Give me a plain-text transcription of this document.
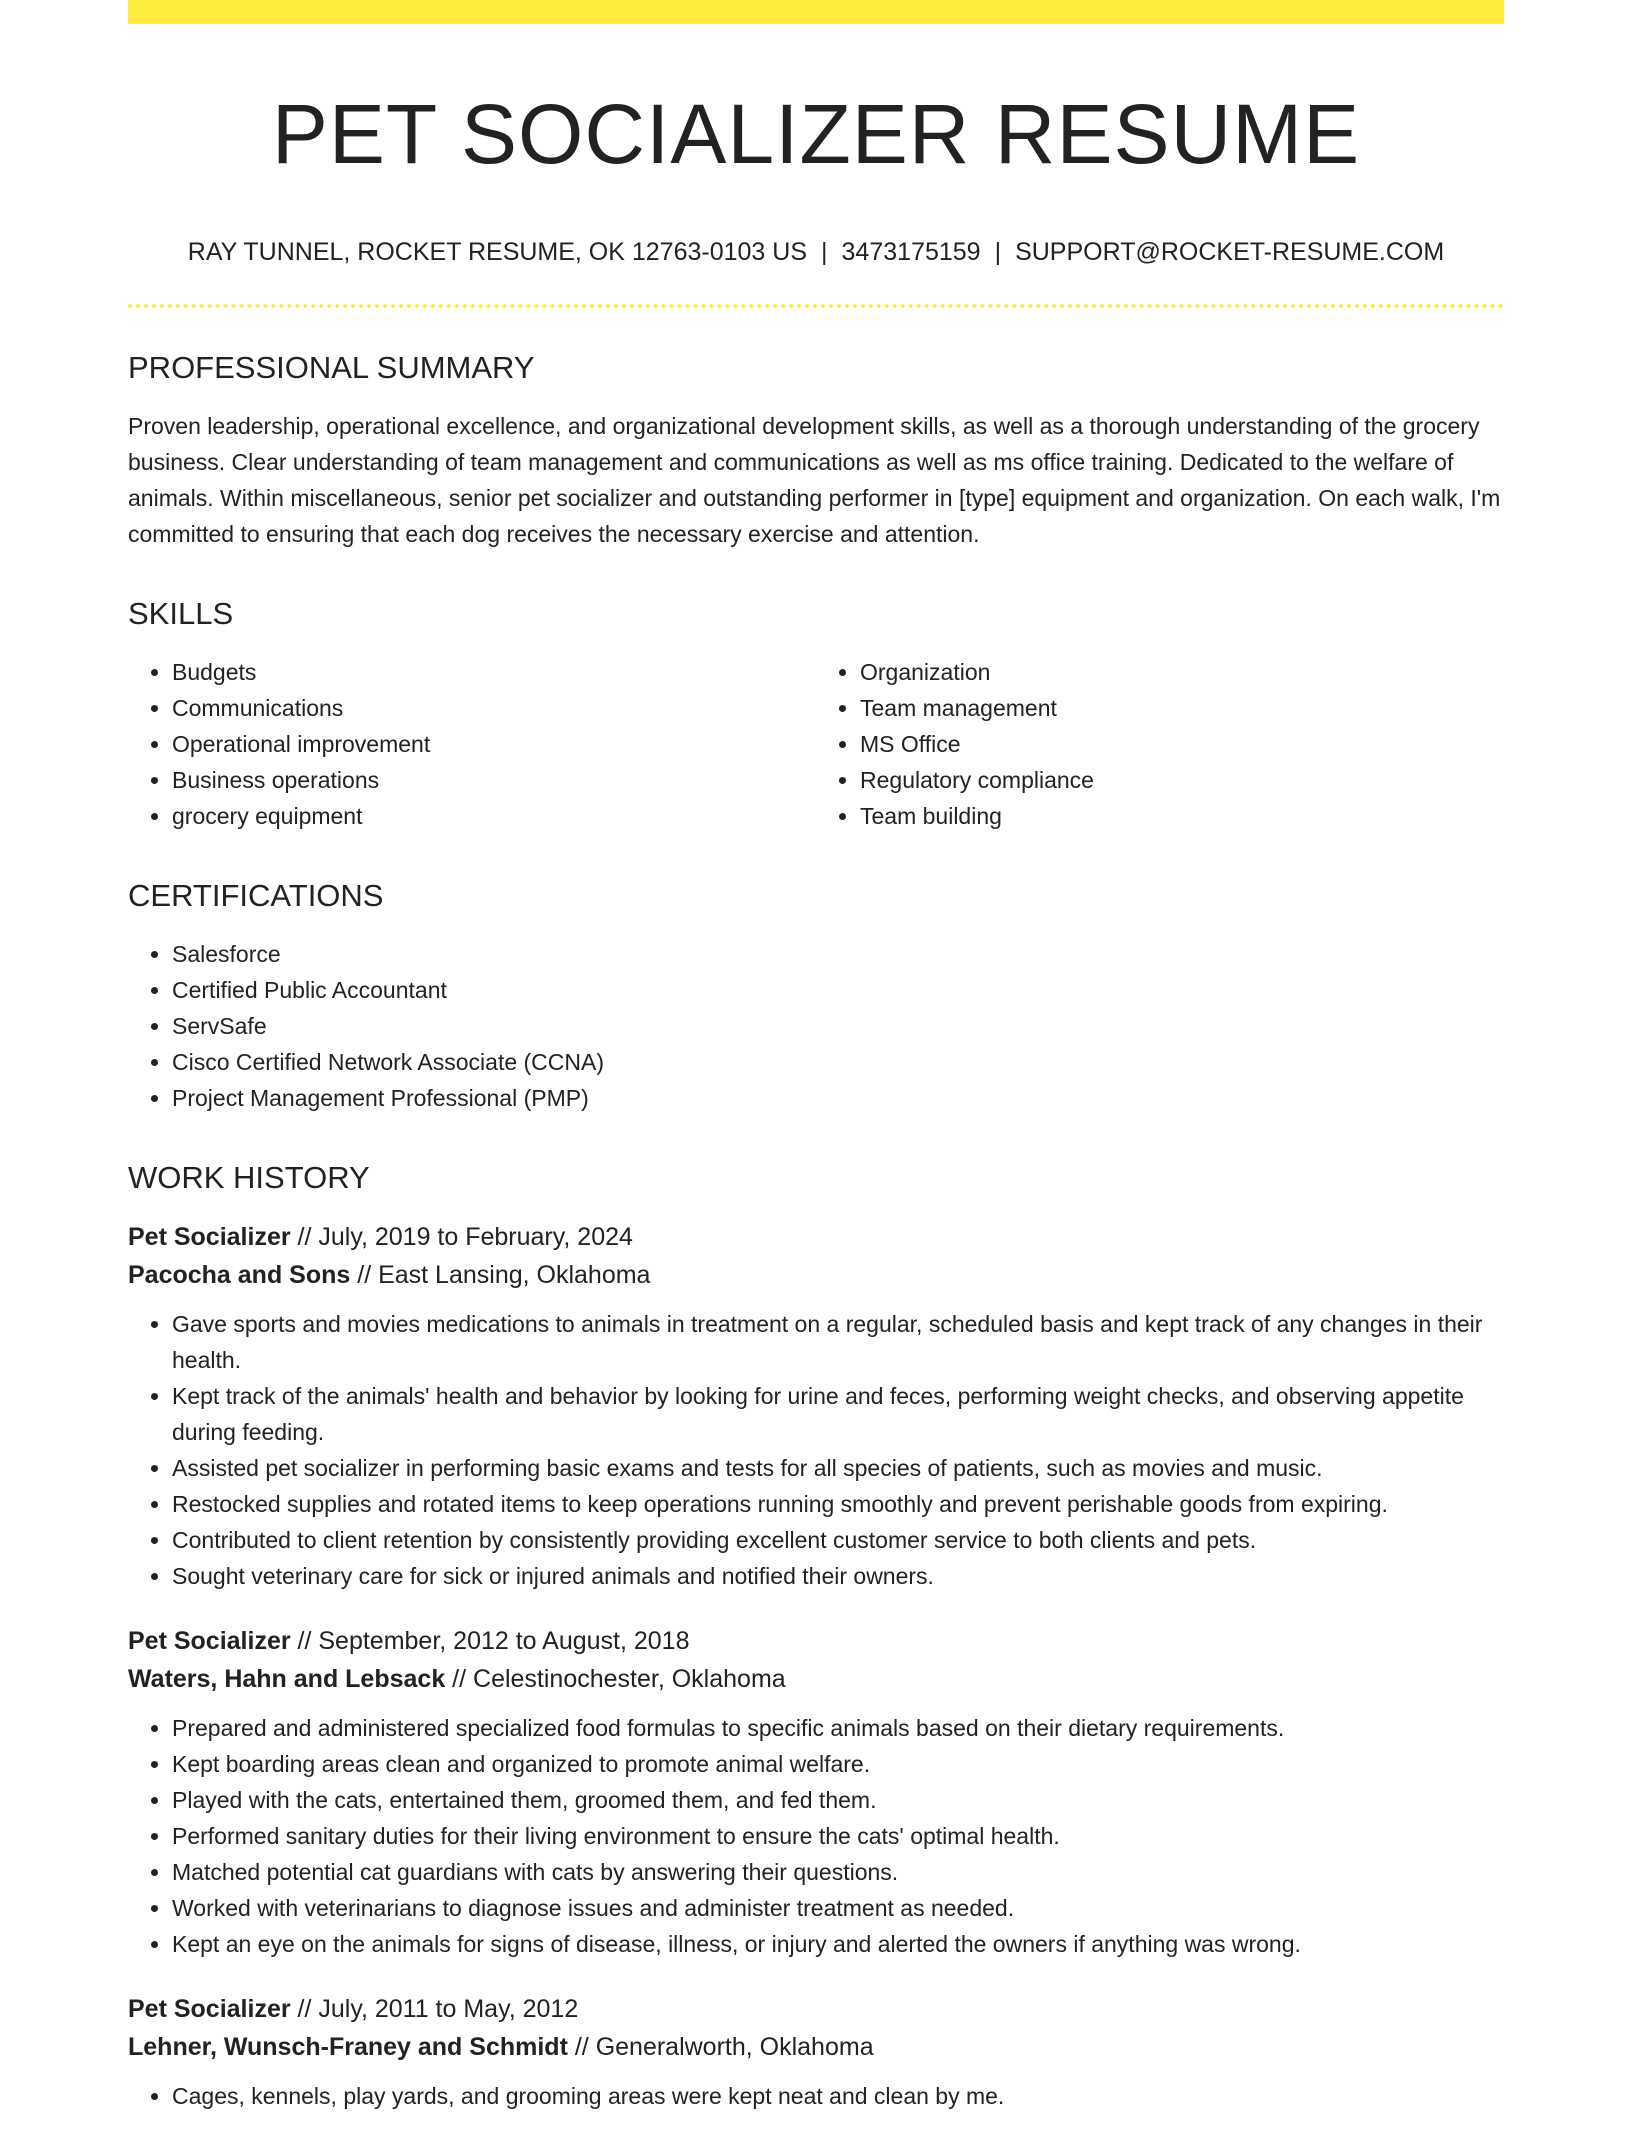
PET SOCIALIZER RESUME
RAY TUNNEL, ROCKET RESUME, OK 12763-0103 US | 3473175159 | SUPPORT@ROCKET-RESUME.COM
PROFESSIONAL SUMMARY

Proven leadership, operational excellence, and organizational development skills, as well as a thorough understanding of the grocery business. Clear understanding of team management and communications as well as ms office training. Dedicated to the welfare of animals. Within miscellaneous, senior pet socializer and outstanding performer in [type] equipment and organization. On each walk, I'm committed to ensuring that each dog receives the necessary exercise and attention.

SKILLS
• Budgets
• Communications
• Operational improvement
• Business operations
• grocery equipment
• Organization
• Team management
• MS Office
• Regulatory compliance
• Team building
CERTIFICATIONS
• Salesforce
• Certified Public Accountant
• ServSafe
• Cisco Certified Network Associate (CCNA)
• Project Management Professional (PMP)
WORK HISTORY
Pet Socializer // July, 2019 to February, 2024
Pacocha and Sons // East Lansing, Oklahoma
• Gave sports and movies medications to animals in treatment on a regular, scheduled basis and kept track of any changes in their health.
• Kept track of the animals' health and behavior by looking for urine and feces, performing weight checks, and observing appetite during feeding.
• Assisted pet socializer in performing basic exams and tests for all species of patients, such as movies and music.
• Restocked supplies and rotated items to keep operations running smoothly and prevent perishable goods from expiring.
• Contributed to client retention by consistently providing excellent customer service to both clients and pets.
• Sought veterinary care for sick or injured animals and notified their owners.
Pet Socializer // September, 2012 to August, 2018
Waters, Hahn and Lebsack // Celestinochester, Oklahoma
• Prepared and administered specialized food formulas to specific animals based on their dietary requirements.
• Kept boarding areas clean and organized to promote animal welfare.
• Played with the cats, entertained them, groomed them, and fed them.
• Performed sanitary duties for their living environment to ensure the cats' optimal health.
• Matched potential cat guardians with cats by answering their questions.
• Worked with veterinarians to diagnose issues and administer treatment as needed.
• Kept an eye on the animals for signs of disease, illness, or injury and alerted the owners if anything was wrong.
Pet Socializer // July, 2011 to May, 2012
Lehner, Wunsch-Franey and Schmidt // Generalworth, Oklahoma
• Cages, kennels, play yards, and grooming areas were kept neat and clean by me.
